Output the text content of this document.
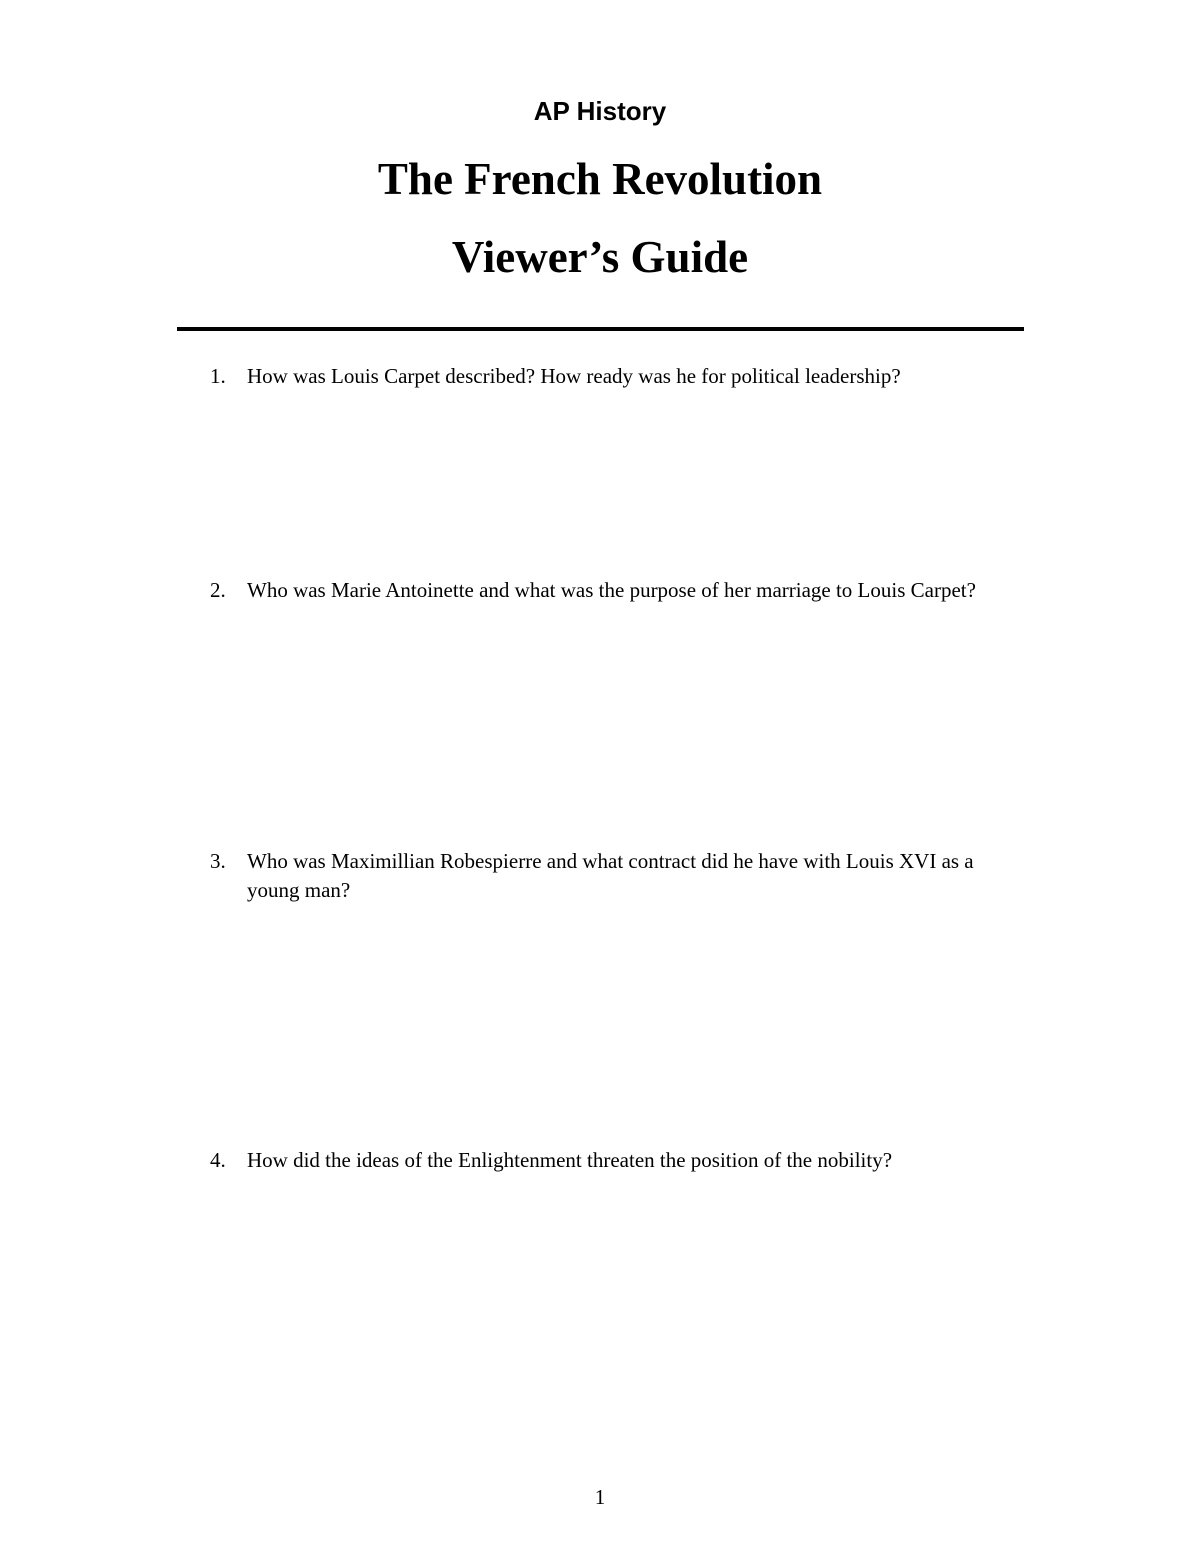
AP History
The French Revolution
Viewer’s Guide
1.	How was Louis Carpet described? How ready was he for political leadership?
2.	Who was Marie Antoinette and what was the purpose of her marriage to Louis Carpet?
3.	Who was Maximillian Robespierre and what contract did he have with Louis XVI as a young man?
4.	How did the ideas of the Enlightenment threaten the position of the nobility?
1
